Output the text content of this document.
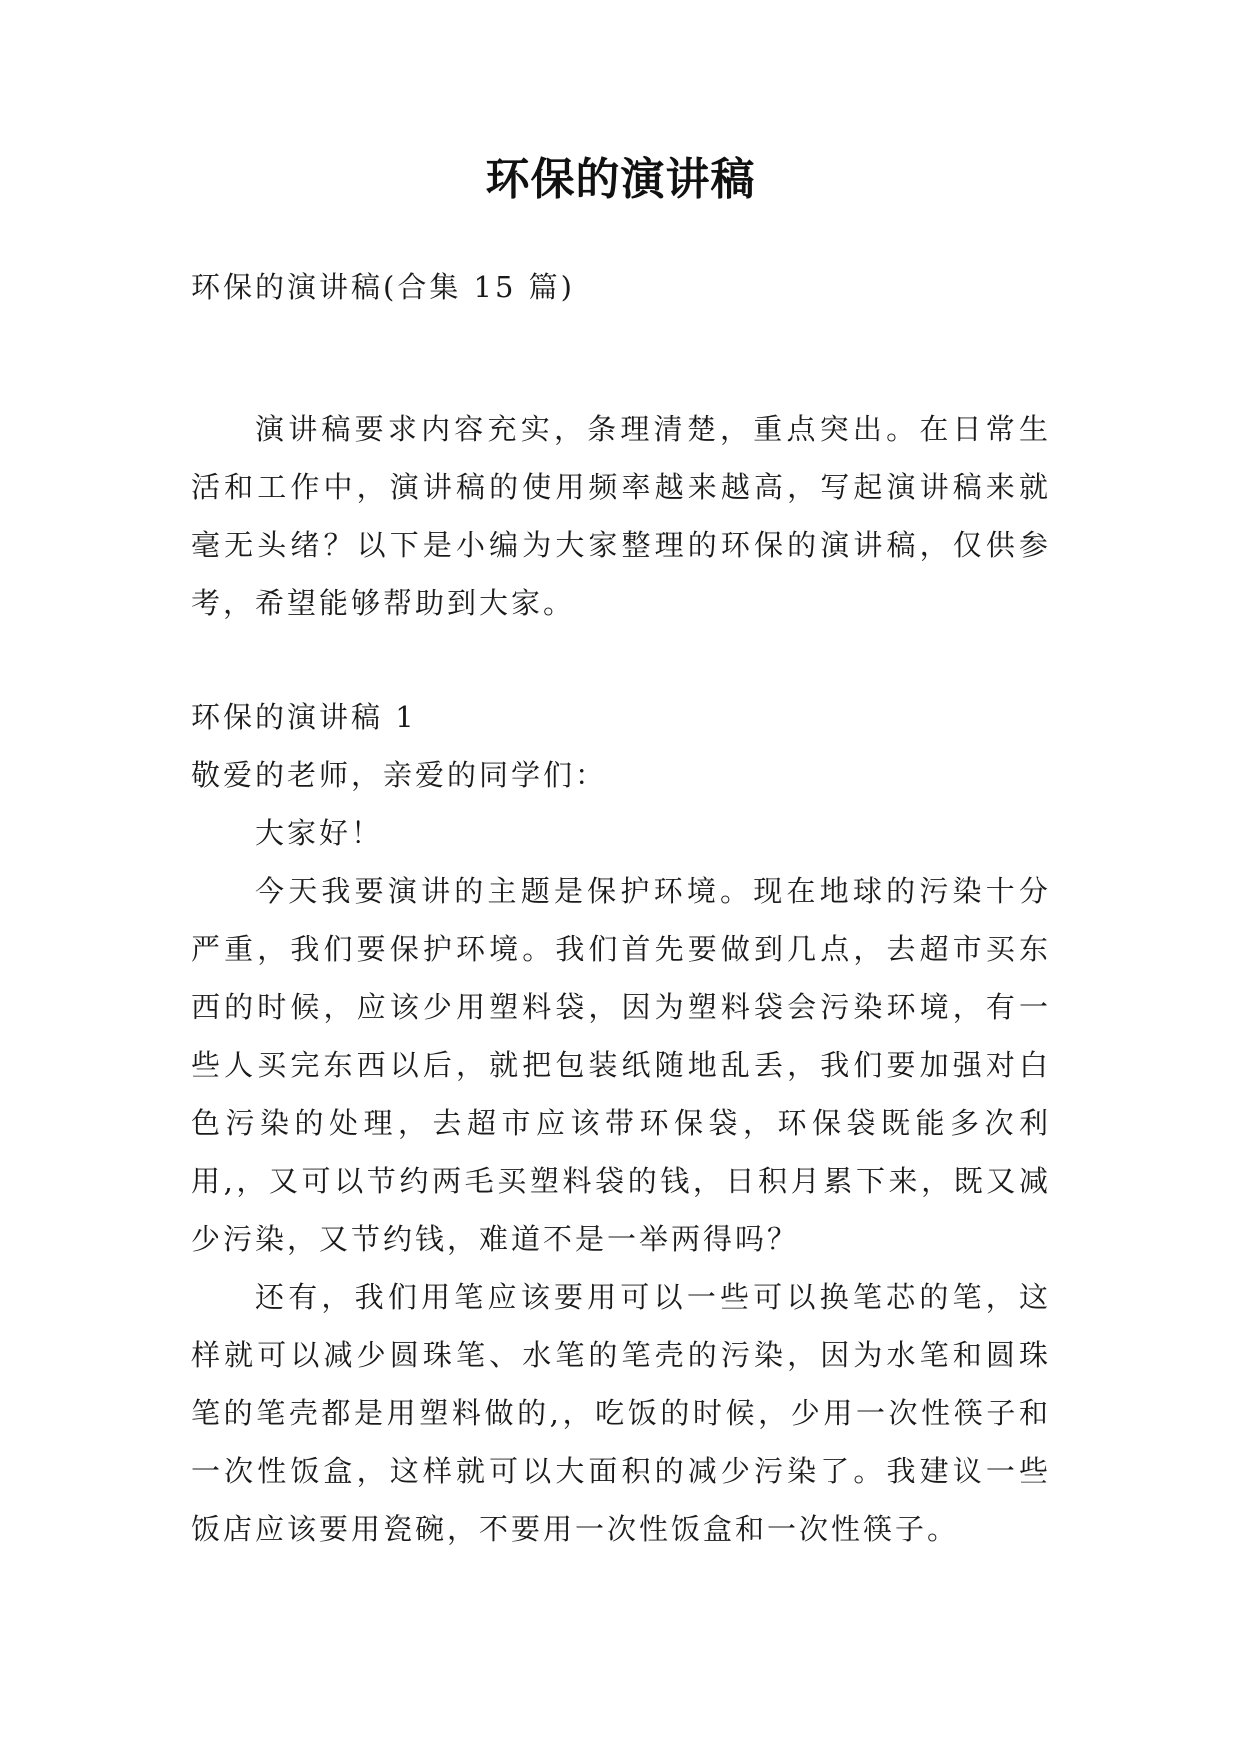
环保的演讲稿
环保的演讲稿(合集 15 篇)
演讲稿要求内容充实，条理清楚，重点突出。在日常生活和工作中，演讲稿的使用频率越来越高，写起演讲稿来就毫无头绪？以下是小编为大家整理的环保的演讲稿，仅供参考，希望能够帮助到大家。

环保的演讲稿 1

敬爱的老师，亲爱的同学们：

大家好！

今天我要演讲的主题是保护环境。现在地球的污染十分严重，我们要保护环境。我们首先要做到几点，去超市买东西的时候，应该少用塑料袋，因为塑料袋会污染环境，有一些人买完东西以后，就把包装纸随地乱丢，我们要加强对白色污染的处理，去超市应该带环保袋，环保袋既能多次利用,，又可以节约两毛买塑料袋的钱，日积月累下来，既又减少污染，又节约钱，难道不是一举两得吗？

还有，我们用笔应该要用可以一些可以换笔芯的笔，这样就可以减少圆珠笔、水笔的笔壳的污染，因为水笔和圆珠笔的笔壳都是用塑料做的,，吃饭的时候，少用一次性筷子和一次性饭盒，这样就可以大面积的减少污染了。我建议一些饭店应该要用瓷碗，不要用一次性饭盒和一次性筷子。
